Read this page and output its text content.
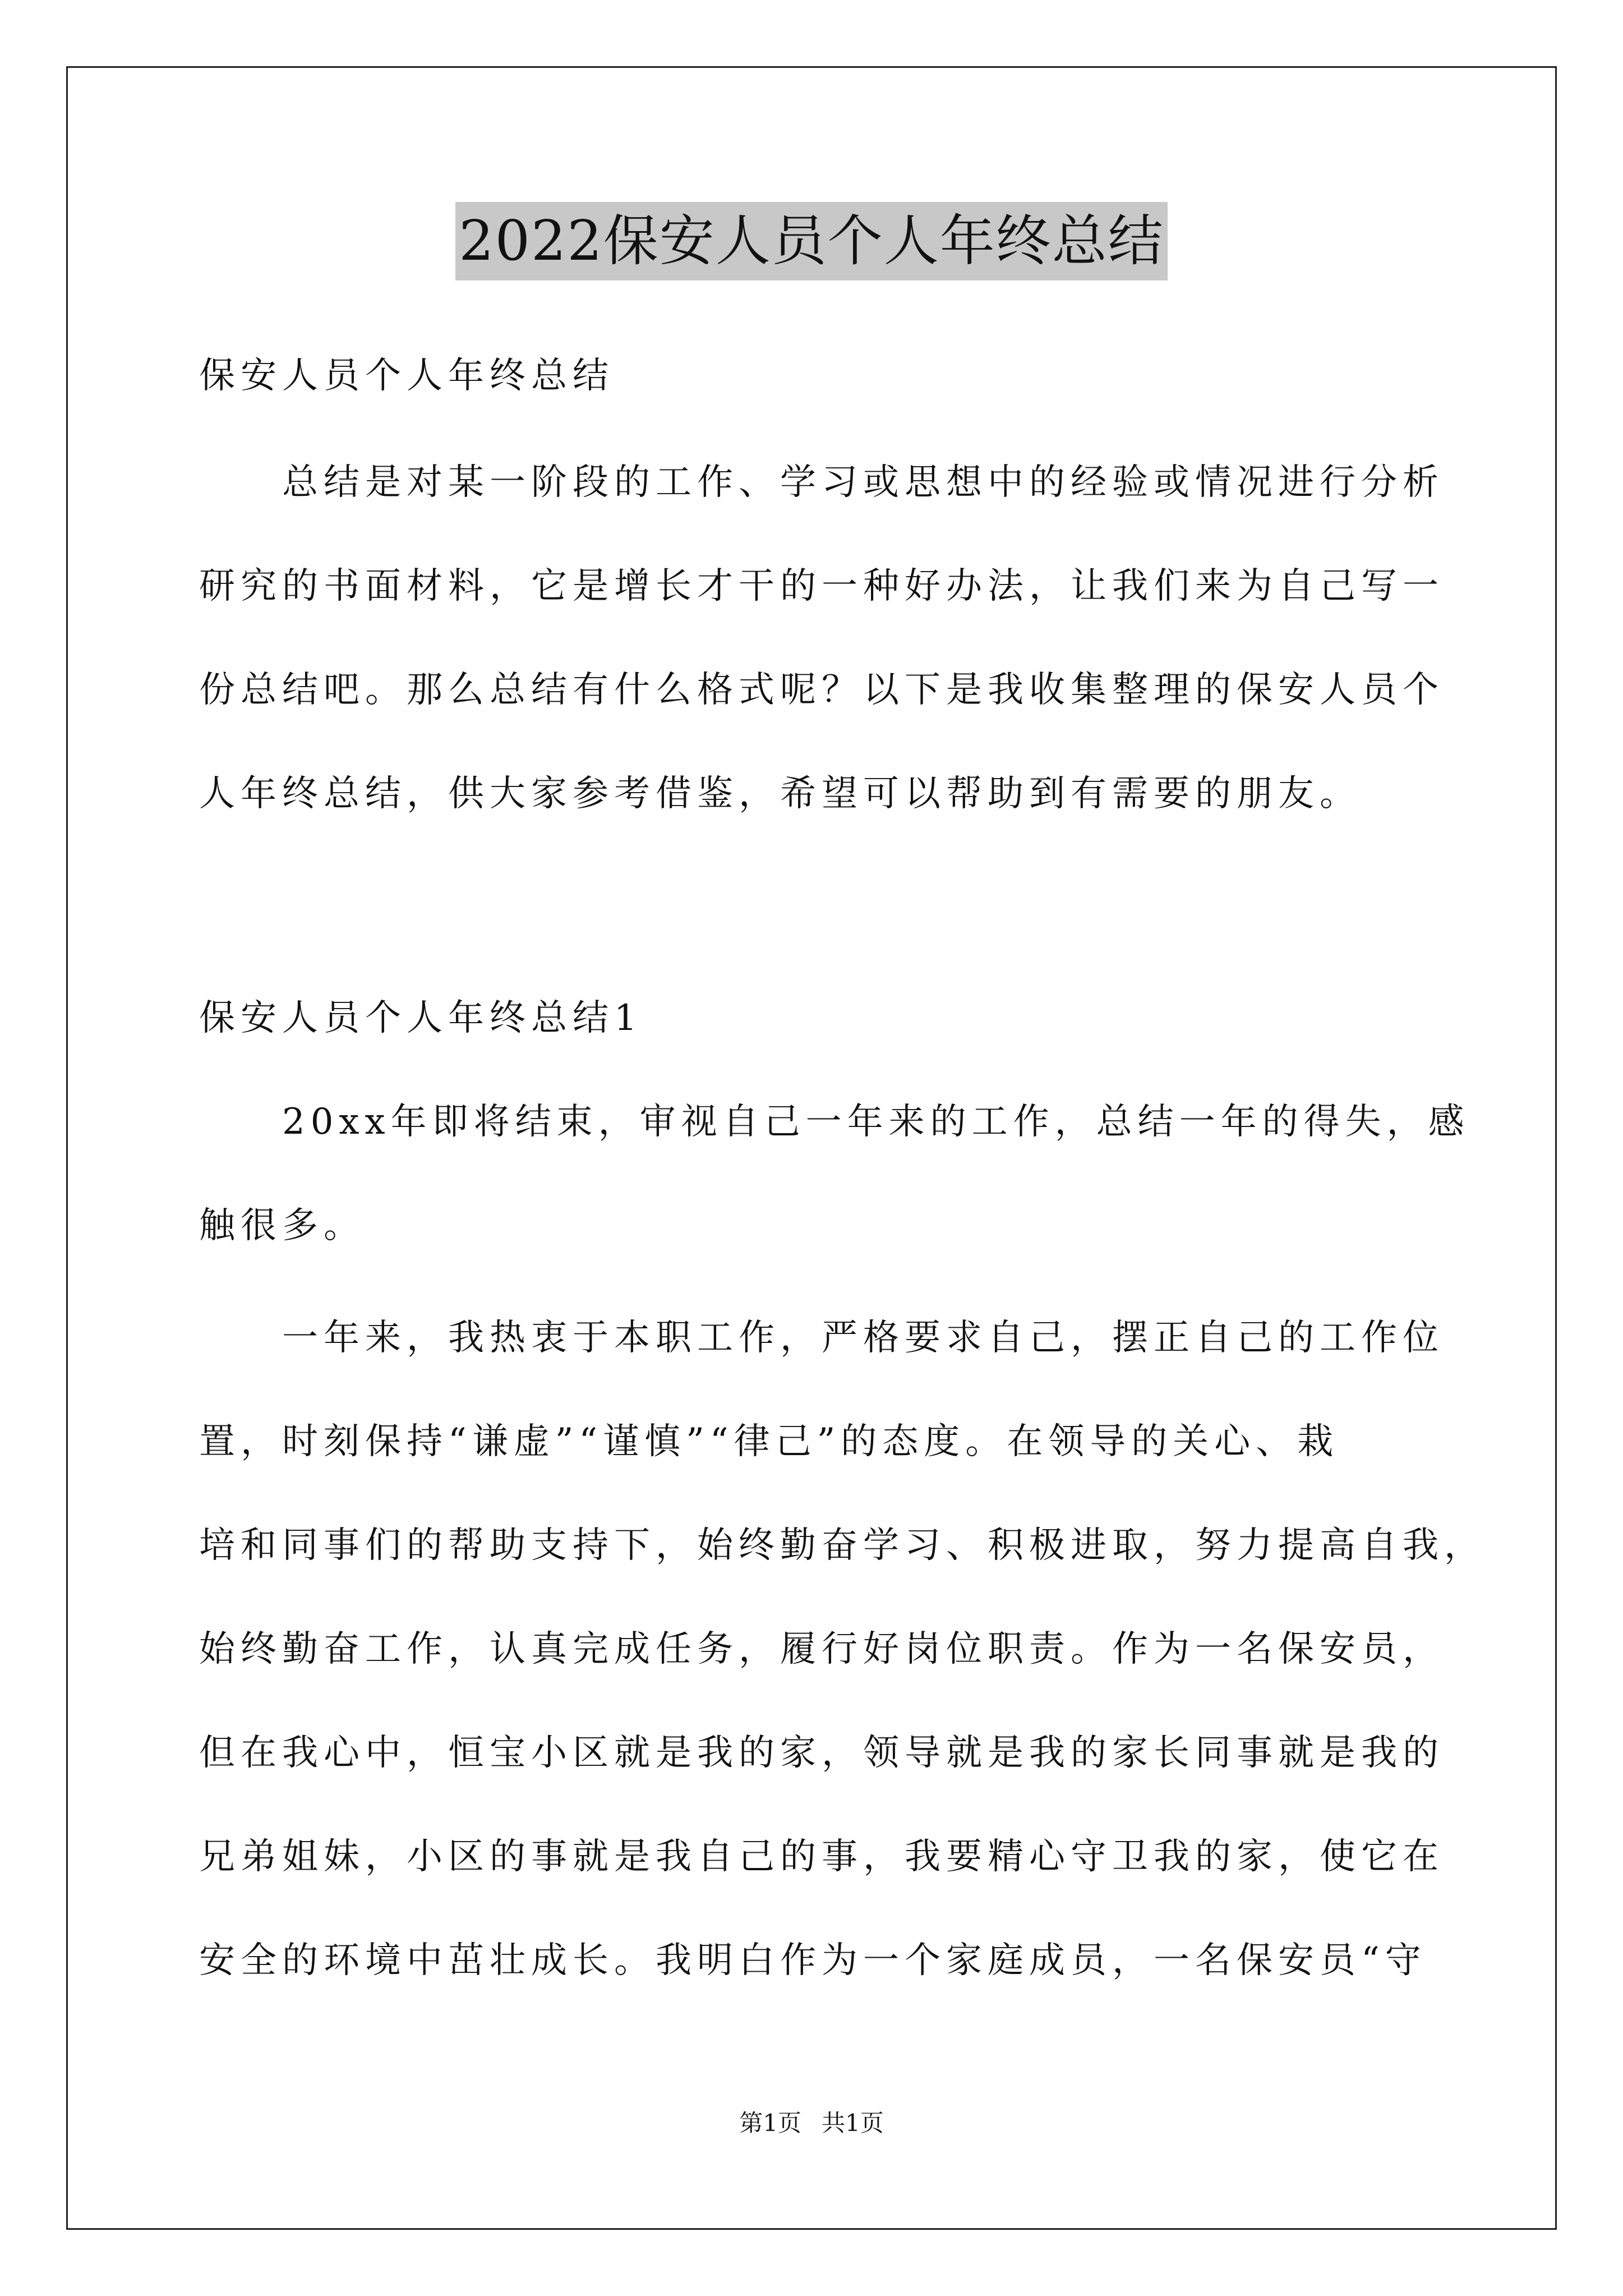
2022保安人员个人年终总结
保安人员个人年终总结
　　总结是对某一阶段的工作、学习或思想中的经验或情况进行分析
研究的书面材料，它是增长才干的一种好办法，让我们来为自己写一
份总结吧。那么总结有什么格式呢？以下是我收集整理的保安人员个
人年终总结，供大家参考借鉴，希望可以帮助到有需要的朋友。
保安人员个人年终总结1
　　20xx年即将结束，审视自己一年来的工作，总结一年的得失，感
触很多。
　　一年来，我热衷于本职工作，严格要求自己，摆正自己的工作位
置，时刻保持“谦虚”“谨慎”“律己”的态度。在领导的关心、栽
培和同事们的帮助支持下，始终勤奋学习、积极进取，努力提高自我，
始终勤奋工作，认真完成任务，履行好岗位职责。作为一名保安员，
但在我心中，恒宝小区就是我的家，领导就是我的家长同事就是我的
兄弟姐妹，小区的事就是我自己的事，我要精心守卫我的家，使它在
安全的环境中茁壮成长。我明白作为一个家庭成员，一名保安员“守
第1页 共1页
